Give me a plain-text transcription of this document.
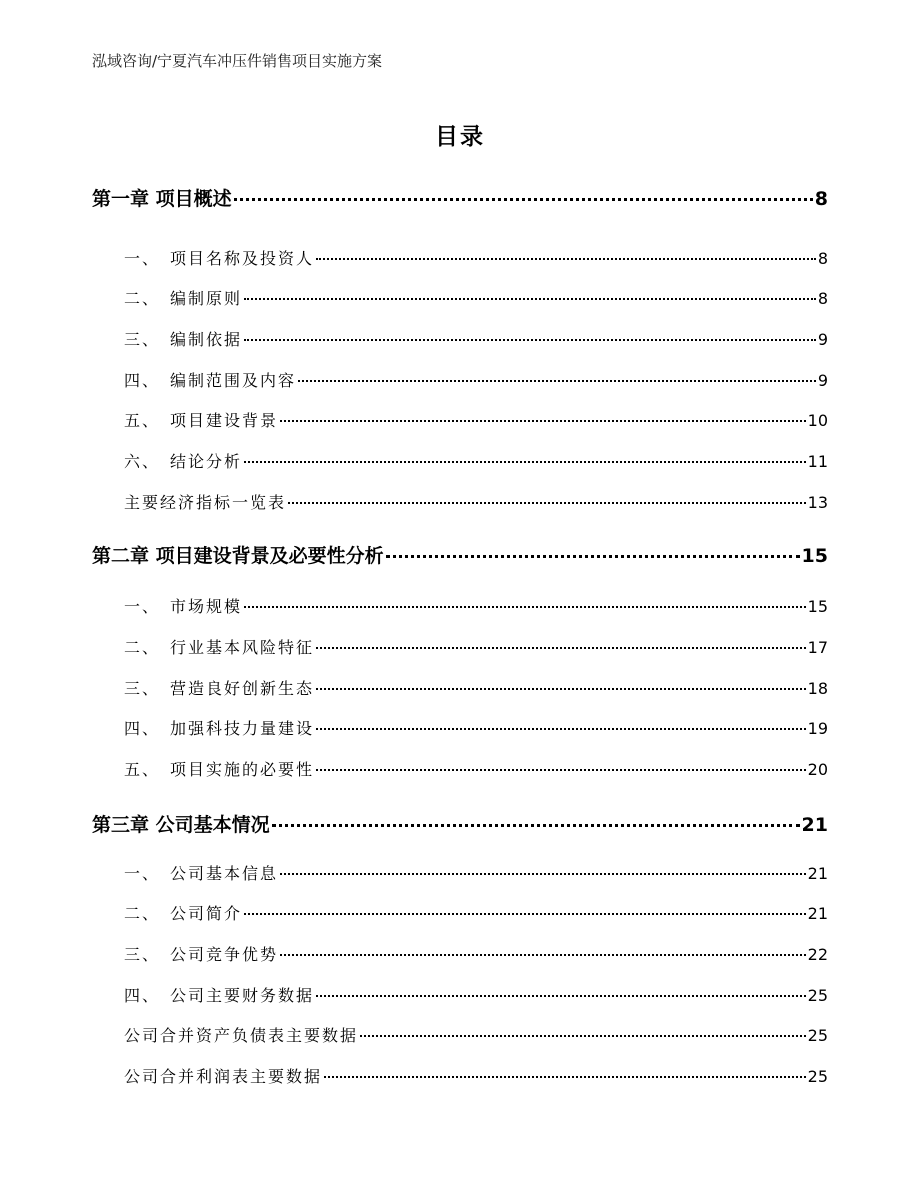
泓域咨询/宁夏汽车冲压件销售项目实施方案
目录
第一章 项目概述	8
一、 项目名称及投资人	8
二、 编制原则	8
三、 编制依据	9
四、 编制范围及内容	9
五、 项目建设背景	10
六、 结论分析	11
主要经济指标一览表	13
第二章 项目建设背景及必要性分析	15
一、 市场规模	15
二、 行业基本风险特征	17
三、 营造良好创新生态	18
四、 加强科技力量建设	19
五、 项目实施的必要性	20
第三章 公司基本情况	21
一、 公司基本信息	21
二、 公司简介	21
三、 公司竞争优势	22
四、 公司主要财务数据	25
公司合并资产负债表主要数据	25
公司合并利润表主要数据	25
